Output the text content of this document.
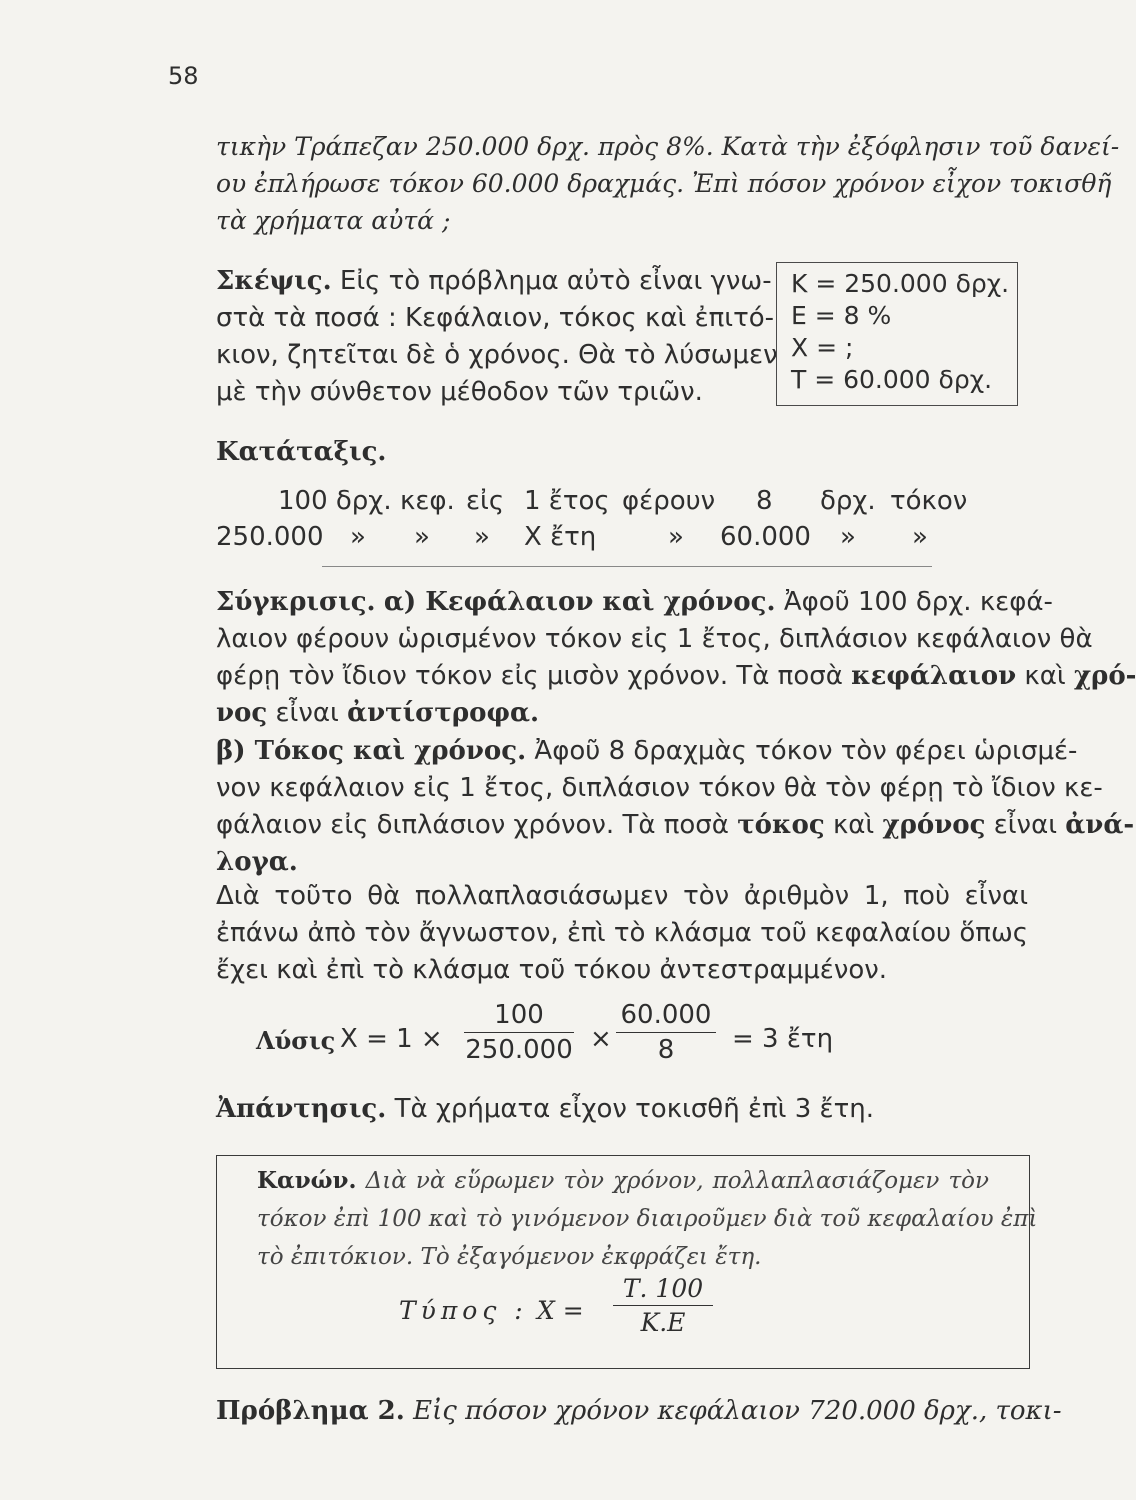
58
τικὴν Τράπεζαν 250.000 δρχ. πρὸς 8%. Κατὰ τὴν ἐξόφλησιν τοῦ δανεί-
ου ἐπλήρωσε τόκον 60.000 δραχμάς. Ἐπὶ πόσον χρόνον εἶχον τοκισθῆ
τὰ χρήματα αὐτά ;
Σκέψις. Εἰς τὸ πρόβλημα αὐτὸ εἶναι γνω-
στὰ τὰ ποσά : Κεφάλαιον, τόκος καὶ ἐπιτό-
κιον, ζητεῖται δὲ ὁ χρόνος. Θὰ τὸ λύσωμεν
μὲ τὴν σύνθετον μέθοδον τῶν τριῶν.
Κ = 250.000 δρχ.
Ε = 8 %
Χ = ;
Τ = 60.000 δρχ.
Κατάταξις.
100 δρχ. κεφ. εἰς 1 ἔτος φέρουν 8 δρχ. τόκον
250.000 » » » Χ ἔτη	» 60.000 » »
Σύγκρισις. α) Κεφάλαιον καὶ χρόνος. Ἀφοῦ 100 δρχ. κεφά-
λαιον φέρουν ὡρισμένον τόκον εἰς 1 ἔτος, διπλάσιον κεφάλαιον θὰ
φέρῃ τὸν ἴδιον τόκον εἰς μισὸν χρόνον. Τὰ ποσὰ κεφάλαιον καὶ χρό-
νος εἶναι ἀντίστροφα.
β) Τόκος καὶ χρόνος. Ἀφοῦ 8 δραχμὰς τόκον τὸν φέρει ὡρισμέ-
νον κεφάλαιον εἰς 1 ἔτος, διπλάσιον τόκον θὰ τὸν φέρῃ τὸ ἴδιον κε-
φάλαιον εἰς διπλάσιον χρόνον. Τὰ ποσὰ τόκος καὶ χρόνος εἶναι ἀνά-
λογα.
Διὰ τοῦτο θὰ πολλαπλασιάσωμεν τὸν ἀριθμὸν 1, ποὺ εἶναι
ἐπάνω ἀπὸ τὸν ἄγνωστον, ἐπὶ τὸ κλάσμα τοῦ κεφαλαίου ὅπως
ἔχει καὶ ἐπὶ τὸ κλάσμα τοῦ τόκου ἀντεστραμμένον.
Λύσις $X = 1 \times \frac{100}{250.000} \times \frac{60.000}{8} = 3$ ἔτη
Ἀπάντησις. Τὰ χρήματα εἶχον τοκισθῆ ἐπὶ 3 ἔτη.
Κανών. Διὰ νὰ εὕρωμεν τὸν χρόνον, πολλαπλασιάζομεν τὸν
τόκον ἐπὶ 100 καὶ τὸ γινόμενον διαιροῦμεν διὰ τοῦ κεφαλαίου ἐπὶ
τὸ ἐπιτόκιον. Τὸ ἐξαγόμενον ἐκφράζει ἔτη.
Τύπος : $X = \frac{T. 100}{K.E}$
Πρόβλημα 2. Εἰς πόσον χρόνον κεφάλαιον 720.000 δρχ., τοκι-
